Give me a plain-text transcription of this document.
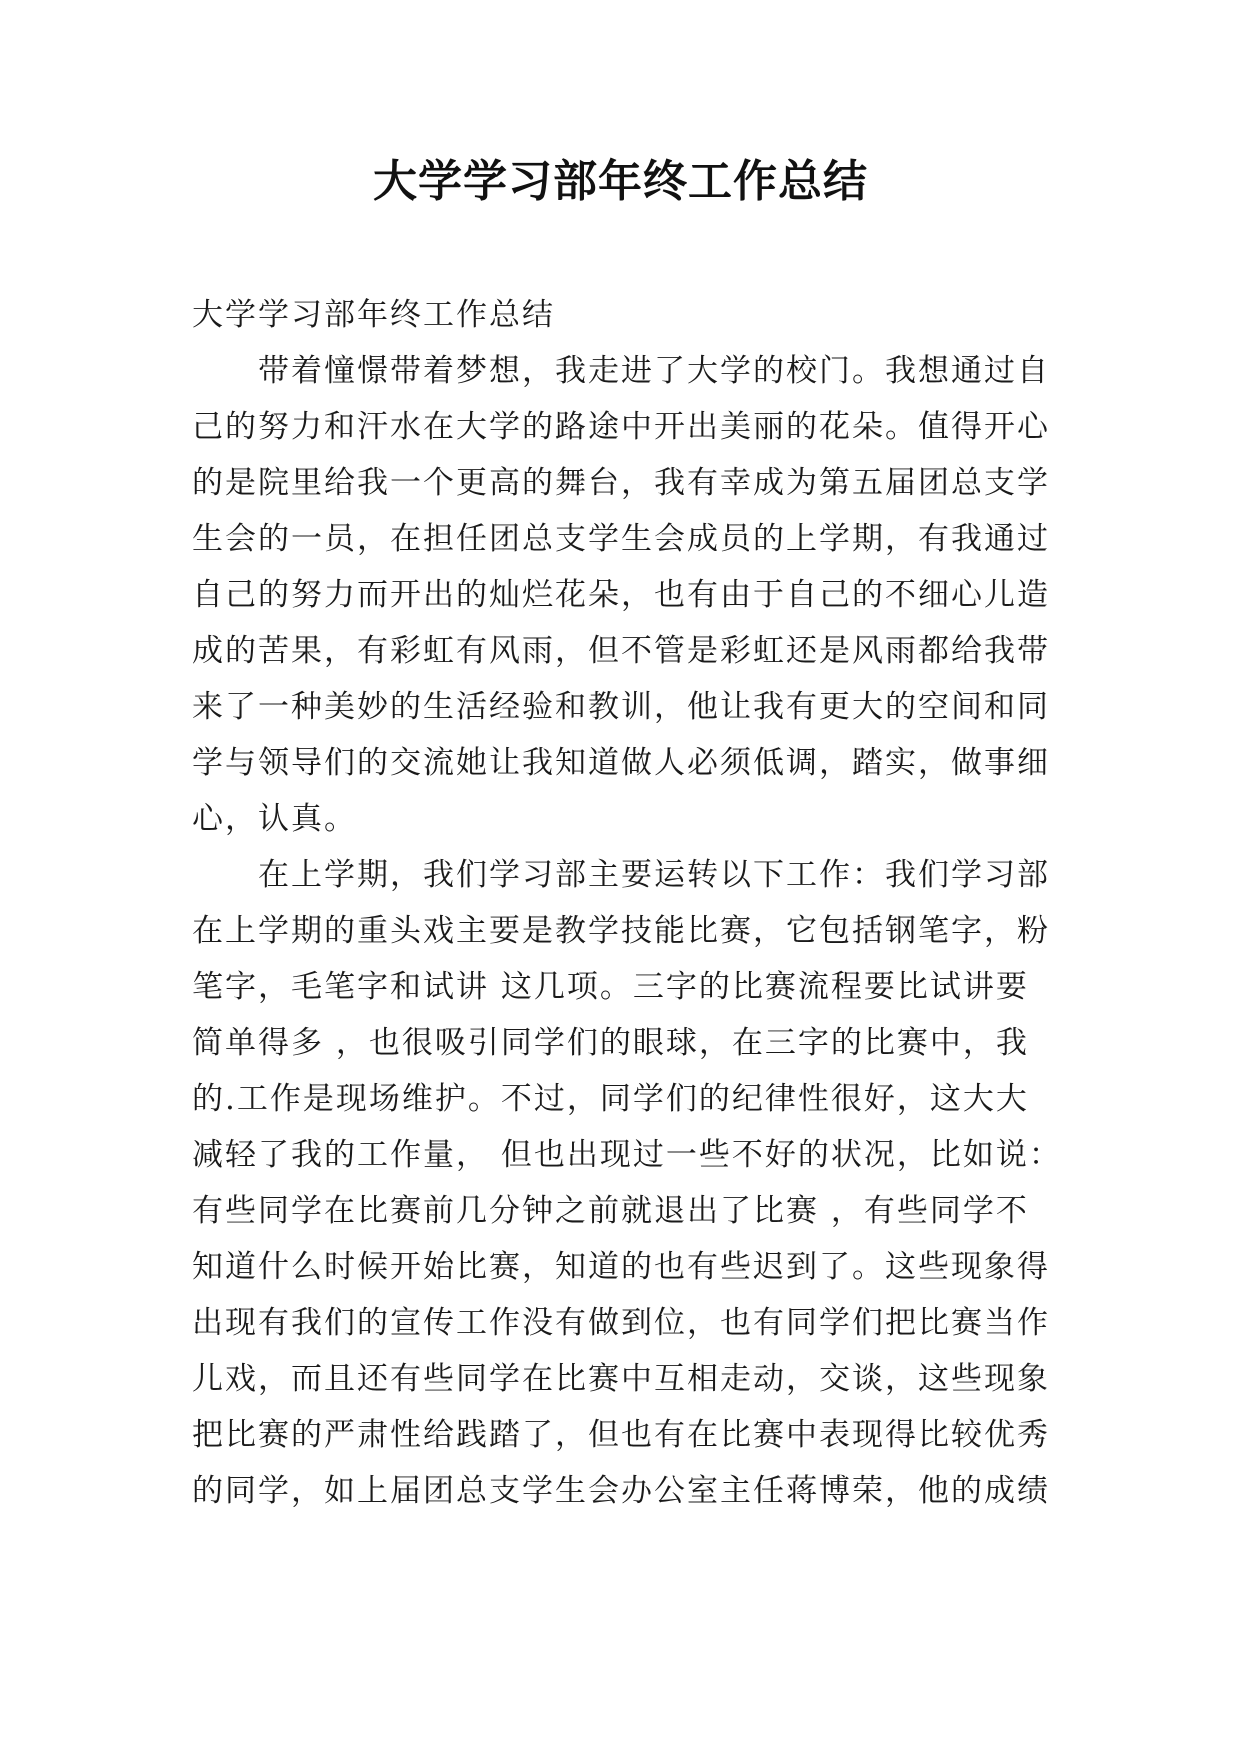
大学学习部年终工作总结
大学学习部年终工作总结
　　带着憧憬带着梦想，我走进了大学的校门。我想通过自
己的努力和汗水在大学的路途中开出美丽的花朵。值得开心
的是院里给我一个更高的舞台，我有幸成为第五届团总支学
生会的一员，在担任团总支学生会成员的上学期，有我通过
自己的努力而开出的灿烂花朵，也有由于自己的不细心儿造
成的苦果，有彩虹有风雨，但不管是彩虹还是风雨都给我带
来了一种美妙的生活经验和教训，他让我有更大的空间和同
学与领导们的交流她让我知道做人必须低调，踏实，做事细
心，认真。
　　在上学期，我们学习部主要运转以下工作：我们学习部
在上学期的重头戏主要是教学技能比赛，它包括钢笔字，粉
笔字，毛笔字和试讲 这几项。三字的比赛流程要比试讲要
简单得多 ，也很吸引同学们的眼球，在三字的比赛中，我
的.工作是现场维护。不过，同学们的纪律性很好，这大大
减轻了我的工作量， 但也出现过一些不好的状况，比如说：
有些同学在比赛前几分钟之前就退出了比赛 ，有些同学不
知道什么时候开始比赛，知道的也有些迟到了。这些现象得
出现有我们的宣传工作没有做到位，也有同学们把比赛当作
儿戏，而且还有些同学在比赛中互相走动，交谈，这些现象
把比赛的严肃性给践踏了，但也有在比赛中表现得比较优秀
的同学，如上届团总支学生会办公室主任蒋博荣，他的成绩
